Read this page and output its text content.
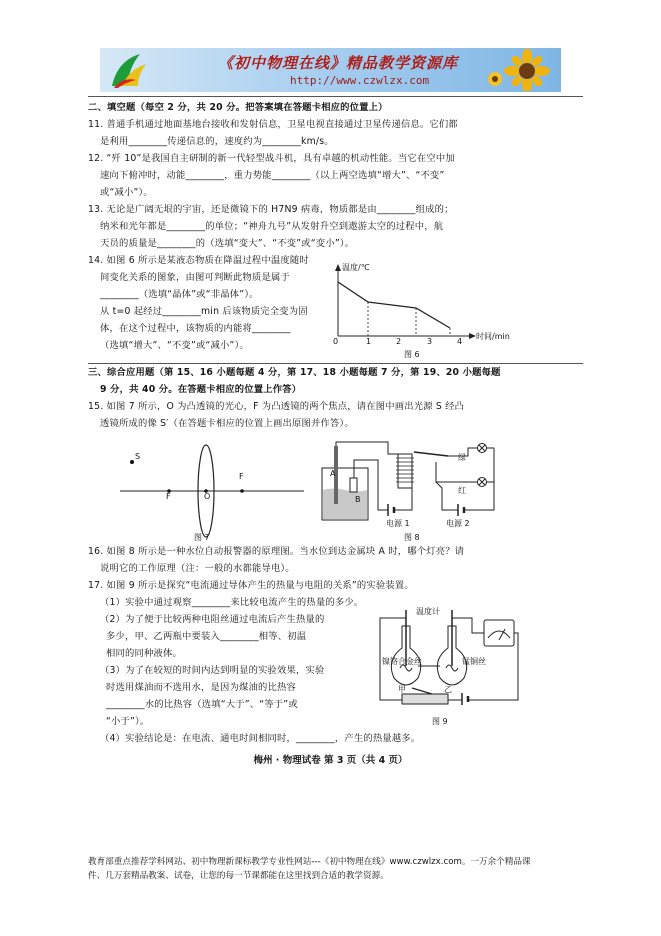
《初中物理在线》精品教学资源库
http://www.czwlzx.com
二、填空题（每空 2 分，共 20 分。把答案填在答题卡相应的位置上）
11. 普通手机通过地面基地台接收和发射信息，卫星电视直接通过卫星传递信息。它们都
是利用________传递信息的，速度约为________km/s。
12. “歼 10”是我国自主研制的新一代轻型战斗机，具有卓越的机动性能。当它在空中加
速向下俯冲时，动能________，重力势能________（以上两空选填“增大”、“不变”
或“减小”）。
13. 无论是广阔无垠的宇宙，还是微镜下的 H7N9 病毒，物质都是由________组成的；
纳米和光年都是________的单位；“神舟九号”从发射升空到遨游太空的过程中，航
天员的质量是________的（选填“变大”、“不变”或“变小”）。
14. 如图 6 所示是某液态物质在降温过程中温度随时
间变化关系的图象，由图可判断此物质是属于
________（选填“晶体”或“非晶体”）。
从 t=0 起经过________min 后该物质完全变为固
体，在这个过程中，该物质的内能将________
（选填“增大”、“不变”或“减小”）。
温度/℃
时间/min
0	1	2	3	4
图 6
三、综合应用题（第 15、16 小题每题 4 分，第 17、18 小题每题 7 分，第 19、20 小题每题
9 分，共 40 分。在答题卡相应的位置上作答）
15. 如图 7 所示，O 为凸透镜的光心，F 为凸透镜的两个焦点，请在图中画出光源 S 经凸
透镜所成的像 S′（在答题卡相应的位置上画出原图并作答）。
S
F	O
F
图 7
A
B
绿
红
电源 1	电源 2
图 8
16. 如图 8 所示是一种水位自动报警器的原理图。当水位到达金属块 A 时，哪个灯亮？请
说明它的工作原理（注：一般的水都能导电）。
17. 如图 9 所示是探究“电流通过导体产生的热量与电阻的关系”的实验装置。
（1）实验中通过观察________来比较电流产生的热量的多少。
（2）为了便于比较两种电阻丝通过电流后产生热量的
多少，甲、乙两瓶中要装入________相等、初温
相同的同种液体。
（3）为了在较短的时间内达到明显的实验效果，实验
时选用煤油而不选用水，是因为煤油的比热容
________水的比热容（选填“大于”、“等于”或
“小于”）。
（4）实验结论是：在电流、通电时间相同时，________，产生的热量越多。
温度计
甲	乙
镍铬合金丝	锰铜丝
图 9
梅州 · 物理试卷 第 3 页（共 4 页）
教育部重点推荐学科网站、初中物理新课标教学专业性网站---《初中物理在线》www.czwlzx.com。一万余个精品课
件、几万套精品教案、试卷，让您的每一节课都能在这里找到合适的教学资源。
